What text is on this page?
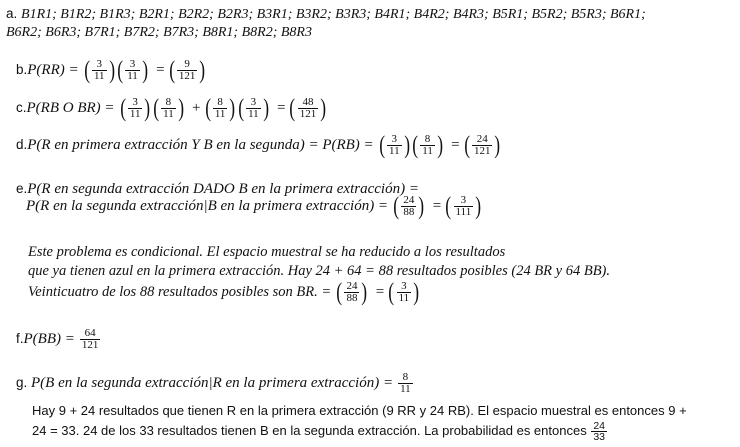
a. B1R1; B1R2; B1R3; B2R1; B2R2; B2R3; B3R1; B3R2; B3R3; B4R1; B4R2; B4R3; B5R1; B5R2; B5R3; B6R1;
B6R2; B6R3; B7R1; B7R2; B7R3; B8R1; B8R2; B8R3
b.P(RR) = ( $\frac{3}{11}$ ) ( $\frac{3}{11}$ ) = ( $\frac{9}{121}$ )
c.P(RB O BR) = ( $\frac{3}{11}$ ) ( $\frac{8}{11}$ ) + ( $\frac{8}{11}$ ) ( $\frac{3}{11}$ ) = ( $\frac{48}{121}$ )
d.P(R en primera extracción Y B en la segunda) = P(RB) = ( $\frac{3}{11}$ ) ( $\frac{8}{11}$ ) = ( $\frac{24}{121}$ )
e.P(R en segunda extracción DADO B en la primera extracción) =
P(R en la segunda extracción|B en la primera extracción) = ( $\frac{24}{88}$ ) = ( $\frac{3}{111}$ )
Este problema es condicional. El espacio muestral se ha reducido a los resultados
que ya tienen azul en la primera extracción. Hay 24 + 64 = 88 resultados posibles (24 BR y 64 BB).
Veinticuatro de los 88 resultados posibles son BR. = ( $\frac{24}{88}$ ) = ( $\frac{3}{11}$ )
$f.P(BB) = \frac{64}{121}$
g. P(B en la segunda extracción|R en la primera extracción) = $\frac{8}{11}$
Hay 9 + 24 resultados que tienen R en la primera extracción (9 RR y 24 RB). El espacio muestral es entonces 9 +
24 = 33. 24 de los 33 resultados tienen B en la segunda extracción. La probabilidad es entonces $\frac{24}{33}$
